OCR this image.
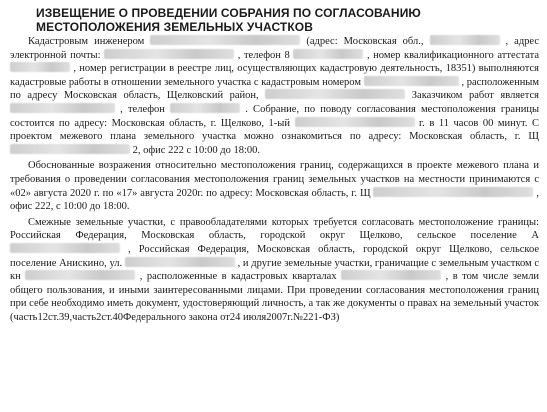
ИЗВЕЩЕНИЕ О ПРОВЕДЕНИИ СОБРАНИЯ ПО СОГЛАСОВАНИЮ
МЕСТОПОЛОЖЕНИЯ ЗЕМЕЛЬНЫХ УЧАСТКОВ

Кадастровым инженером	(адрес: Московская обл.,	, адрес электронной почты:	, телефон 8	, номер квалификационного аттестата  , номер регистрации в реестре лиц, осуществляющих кадастровую деятельность, 18351) выполняются кадастровые работы в отношении земельного участка с кадастровым номером	, расположенным по адресу Московская область, Щелковский район,	Заказчиком работ является  , телефон	. Собрание, по поводу согласования местоположения границы состоится по адресу: Московская область, г. Щелково, 1-ый	г. в 11 часов 00 минут. С проектом межевого плана земельного участка можно ознакомиться по адресу: Московская область, г. Щ  2, офис 222 с 10:00 до 18:00.

Обоснованные возражения относительно местоположения границ, содержащихся в проекте межевого плана и требования о проведении согласования местоположения границ земельных участков на местности принимаются с «02» августа 2020 г. по «17» августа 2020г. по адресу: Московская область, г. Щ	, офис 222, с 10:00 до 18:00.

Смежные земельные участки, с правообладателями которых требуется согласовать местоположение границы: Российская Федерация, Московская область, городской округ Щелково, сельское поселение А  , Российская Федерация, Московская область, городской округ Щелково, сельское поселение Анискино, ул.	, и другие земельные участки, граничащие с земельным участком с кн	, расположенные в кадастровых кварталах	, в том числе земли общего пользования, и иными заинтересованными лицами. При проведении согласования местоположения границ при себе необходимо иметь документ, удостоверяющий личность, а так же документы о правах на земельный участок (часть12ст.39,часть2ст.40Федерального закона от24 июля2007г.№221-ФЗ)
